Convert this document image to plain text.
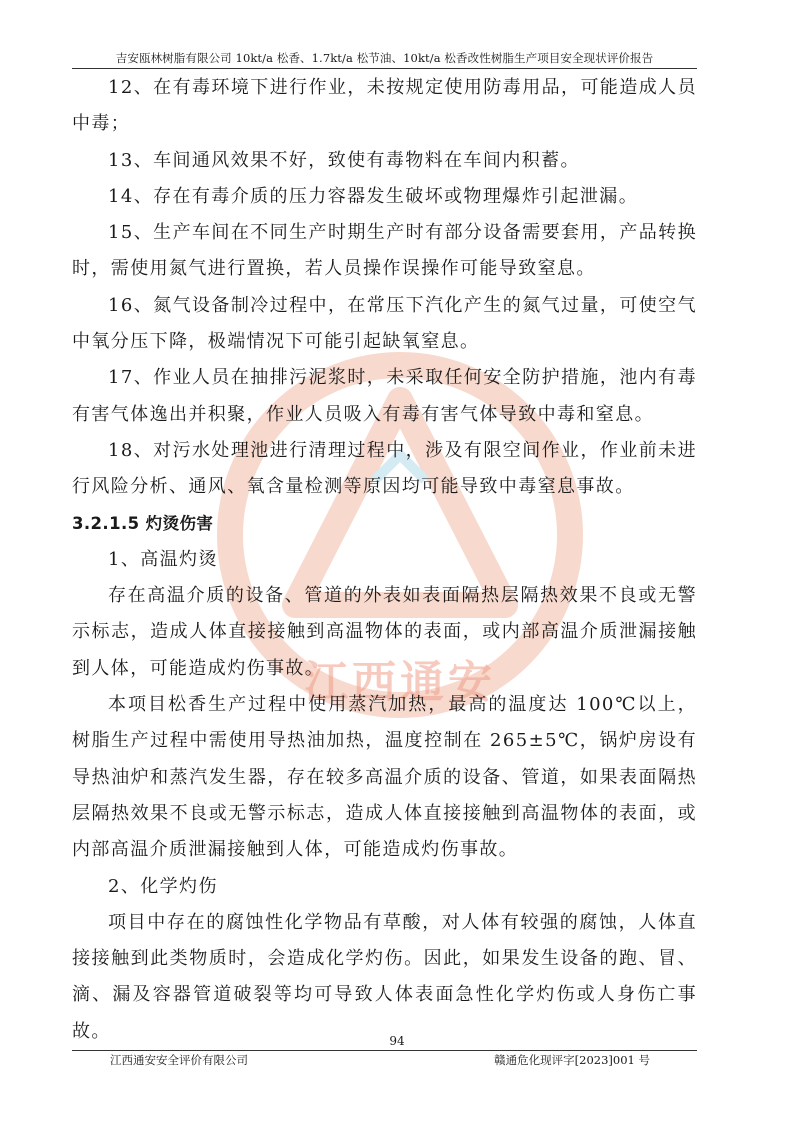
吉安瓯林树脂有限公司 10kt/a 松香、1.7kt/a 松节油、10kt/a 松香改性树脂生产项目安全现状评价报告
江西通安

12、在有毒环境下进行作业，未按规定使用防毒用品，可能造成人员中毒；

13、车间通风效果不好，致使有毒物料在车间内积蓄。

14、存在有毒介质的压力容器发生破坏或物理爆炸引起泄漏。

15、生产车间在不同生产时期生产时有部分设备需要套用，产品转换时，需使用氮气进行置换，若人员操作误操作可能导致窒息。

16、氮气设备制冷过程中，在常压下汽化产生的氮气过量，可使空气中氧分压下降，极端情况下可能引起缺氧窒息。

17、作业人员在抽排污泥浆时，未采取任何安全防护措施，池内有毒有害气体逸出并积聚，作业人员吸入有毒有害气体导致中毒和窒息。

18、对污水处理池进行清理过程中，涉及有限空间作业，作业前未进行风险分析、通风、氧含量检测等原因均可能导致中毒窒息事故。

3.2.1.5 灼烫伤害

1、高温灼烫

存在高温介质的设备、管道的外表如表面隔热层隔热效果不良或无警示标志，造成人体直接接触到高温物体的表面，或内部高温介质泄漏接触到人体，可能造成灼伤事故。

本项目松香生产过程中使用蒸汽加热，最高的温度达 100℃以上，树脂生产过程中需使用导热油加热，温度控制在 265±5℃，锅炉房设有导热油炉和蒸汽发生器，存在较多高温介质的设备、管道，如果表面隔热层隔热效果不良或无警示标志，造成人体直接接触到高温物体的表面，或内部高温介质泄漏接触到人体，可能造成灼伤事故。

2、化学灼伤

项目中存在的腐蚀性化学物品有草酸，对人体有较强的腐蚀，人体直接接触到此类物质时，会造成化学灼伤。因此，如果发生设备的跑、冒、滴、漏及容器管道破裂等均可导致人体表面急性化学灼伤或人身伤亡事故。	94
江西通安安全评价有限公司	赣通危化现评字[2023]001 号
